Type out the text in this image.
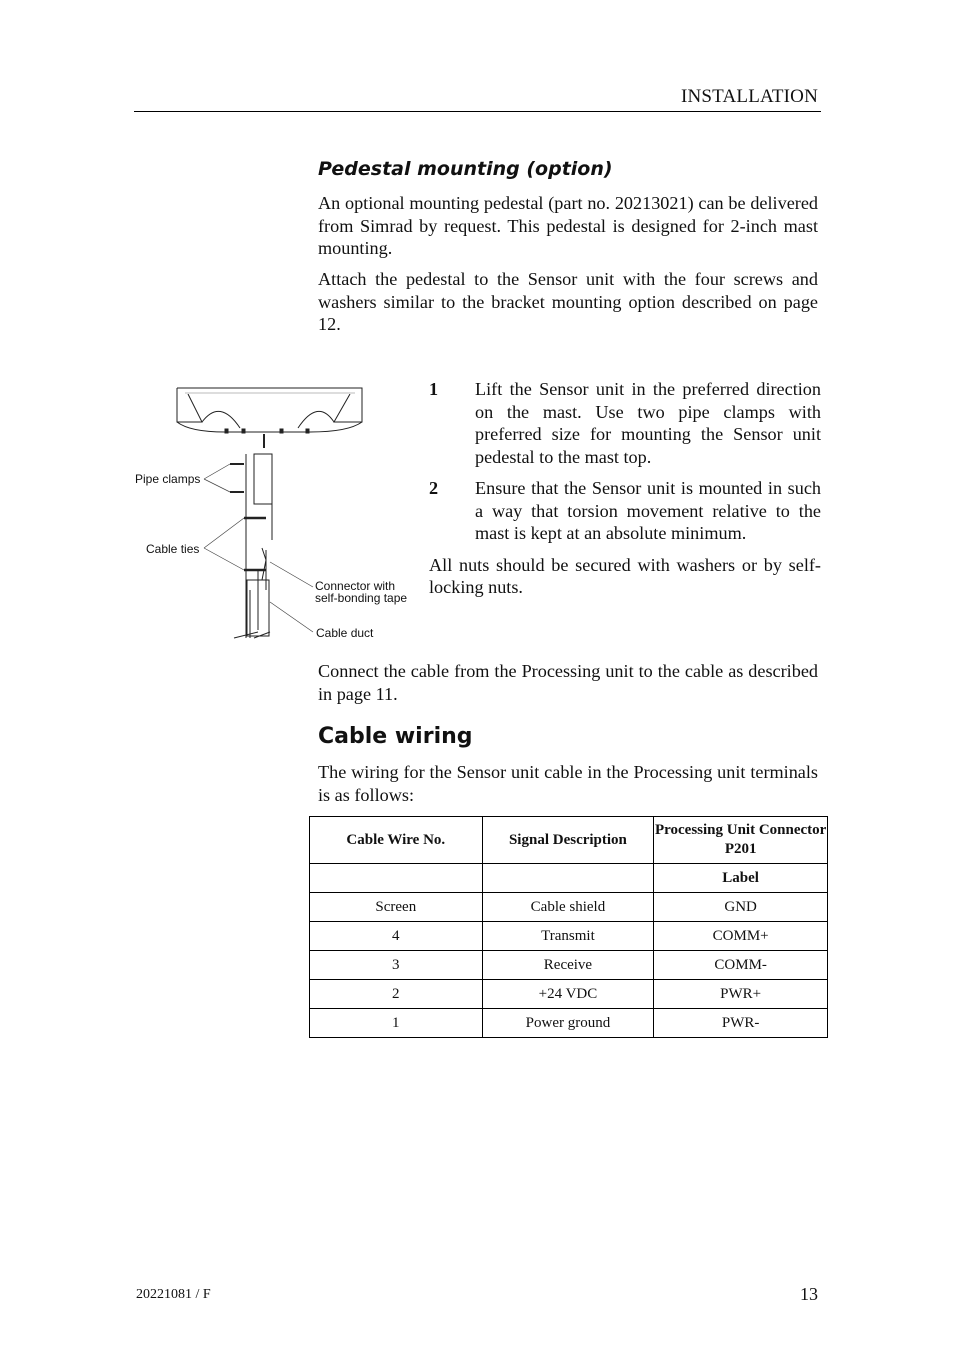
INSTALLATION
Pedestal mounting (option)
An optional mounting pedestal (part no. 20213021) can be delivered from Simrad by request. This pedestal is designed for 2-inch mast mounting.
Attach the pedestal to the Sensor unit with the four screws and washers similar to the bracket mounting option described on page 12.
Pipe clamps
Cable ties
Connector with
self-bonding tape
Cable duct
1 Lift the Sensor unit in the preferred direction on the mast. Use two pipe clamps with preferred size for mounting the Sensor unit pedestal to the mast top.
2 Ensure that the Sensor unit is mounted in such a way that torsion movement relative to the mast is kept at an absolute minimum.
All nuts should be secured with washers or by self-locking nuts.
Connect the cable from the Processing unit to the cable as described in page 11.
Cable wiring
The wiring for the Sensor unit cable in the Processing unit terminals is as follows:
Cable Wire No.	Signal Description	Processing Unit Connector P201
		Label
Screen	Cable shield	GND
4	Transmit	COMM+
3	Receive	COMM-
2	+24 VDC	PWR+
1	Power ground	PWR-
20221081 / F	13
